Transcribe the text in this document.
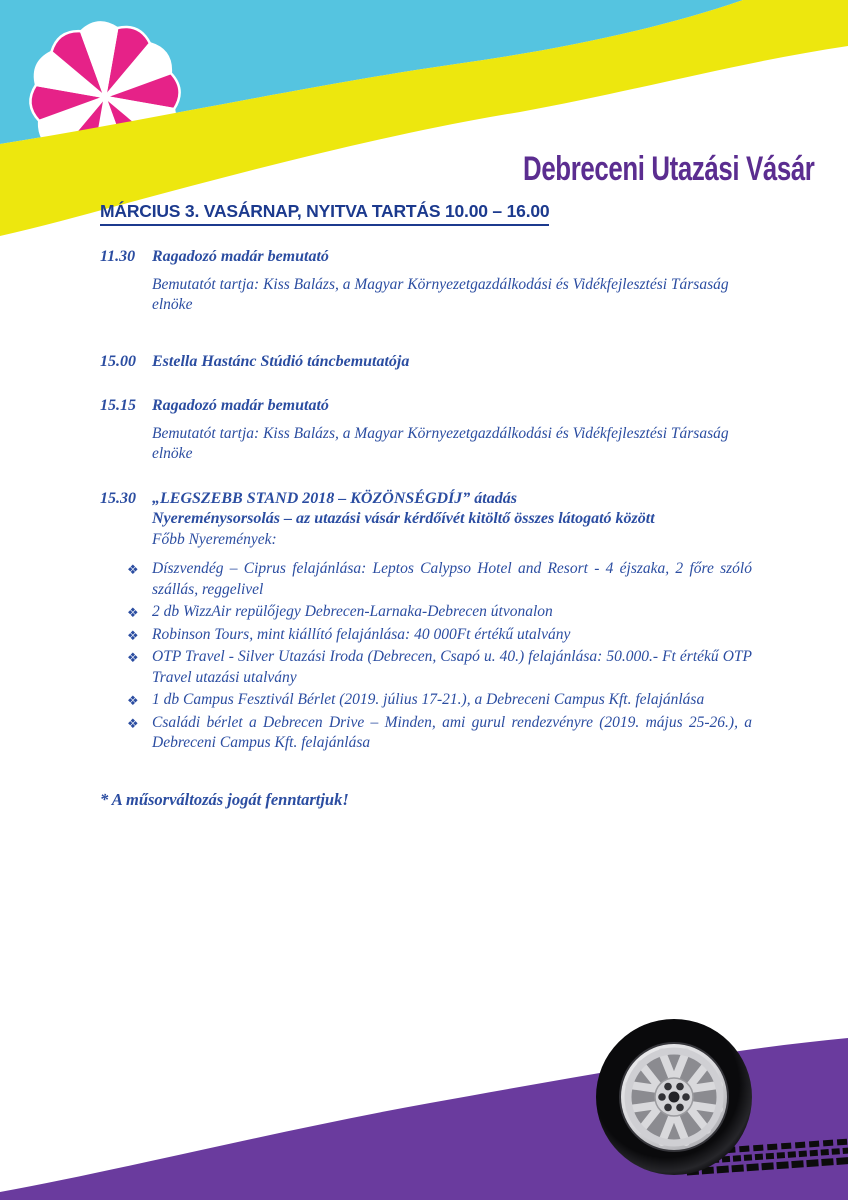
Debreceni Utazási Vásár
MÁRCIUS 3. VASÁRNAP, NYITVA TARTÁS 10.00 – 16.00
11.30	Ragadozó madár bemutató
Bemutatót tartja: Kiss Balázs, a Magyar Környezetgazdálkodási és Vidékfejlesztési Társaság elnöke
15.00	Estella Hastánc Stúdió táncbemutatója
15.15	Ragadozó madár bemutató
Bemutatót tartja: Kiss Balázs, a Magyar Környezetgazdálkodási és Vidékfejlesztési Társaság elnöke
15.30	„LEGSZEBB STAND 2018 – KÖZÖNSÉGDÍJ” átadás
Nyereménysorsolás – az utazási vásár kérdőívét kitöltő összes látogató között
Főbb Nyeremények:
❖ Díszvendég – Ciprus felajánlása: Leptos Calypso Hotel and Resort - 4 éjszaka, 2 főre szóló szállás, reggelivel
❖ 2 db WizzAir repülőjegy Debrecen-Larnaka-Debrecen útvonalon
❖ Robinson Tours, mint kiállító felajánlása: 40 000Ft értékű utalvány
❖ OTP Travel - Silver Utazási Iroda (Debrecen, Csapó u. 40.) felajánlása: 50.000.- Ft értékű OTP Travel utazási utalvány
❖ 1 db Campus Fesztivál Bérlet (2019. július 17-21.), a Debreceni Campus Kft. felajánlása
❖ Családi bérlet a Debrecen Drive – Minden, ami gurul rendezvényre (2019. május 25-26.), a Debreceni Campus Kft. felajánlása
* A műsorváltozás jogát fenntartjuk!
